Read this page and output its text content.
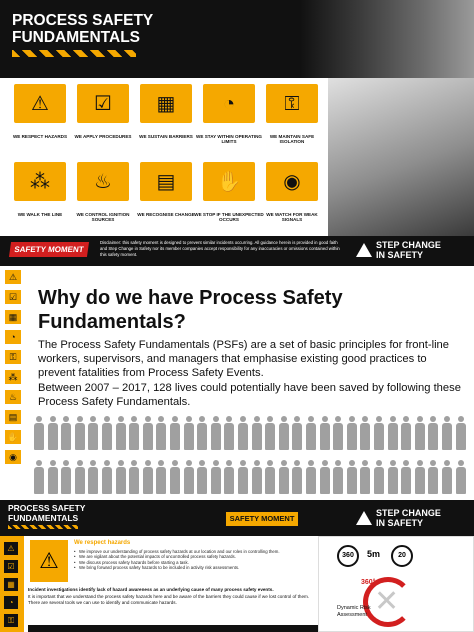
PROCESS SAFETY
FUNDAMENTALS
⚠
WE RESPECT HAZARDS
☑
WE APPLY PROCEDURES
▦
WE SUSTAIN BARRIERS
◔
WE STAY WITHIN OPERATING LIMITS
⚿
WE MAINTAIN SAFE ISOLATION
⁂
WE WALK THE LINE
♨
WE CONTROL IGNITION SOURCES
▤
WE RECOGNISE CHANGE
✋
WE STOP IF THE UNEXPECTED OCCURS
◉
WE WATCH FOR WEAK SIGNALS
SAFETY MOMENT
Disclaimer: this safety moment is designed to prevent similar incidents occurring. All guidance herein is provided in good faith and Step Change in Safety nor its member companies accept responsibility for any inaccuracies or omissions contained within this safety moment.
STEP CHANGE
IN SAFETY
⚠
☑
▦
◔
⚿
⁂
♨
▤
✋
◉
Why do we have Process Safety Fundamentals?
The Process Safety Fundamentals (PSFs) are a set of basic principles for front-line workers, supervisors, and managers that emphasise existing good practices to prevent fatalities from Process Safety Events.
Between 2007 – 2017, 128 lives could potentially have been saved by following these Process Safety Fundamentals.
PROCESS SAFETY
FUNDAMENTALS	SAFETY MOMENT
STEP CHANGE
IN SAFETY
⚠
☑
▦
◔
⚿
⚠
We respect hazards
• We improve our understanding of process safety hazards at our location and our roles in controlling them.
• We are vigilant about the potential impacts of uncontrolled process safety hazards.
• We discuss process safety hazards before starting a task.
• We bring forward process safety hazards to be included in activity risk assessments.
Incident investigations identify lack of hazard awareness as an underlying cause of many process safety events.
It is important that we understand the process safety hazards here and be aware of the barriers they could cause if we lost control of them.
There are several tools we can use to identify and communicate hazards.
360	5m	20
✕
360°
Dynamic Risk
Assessment
